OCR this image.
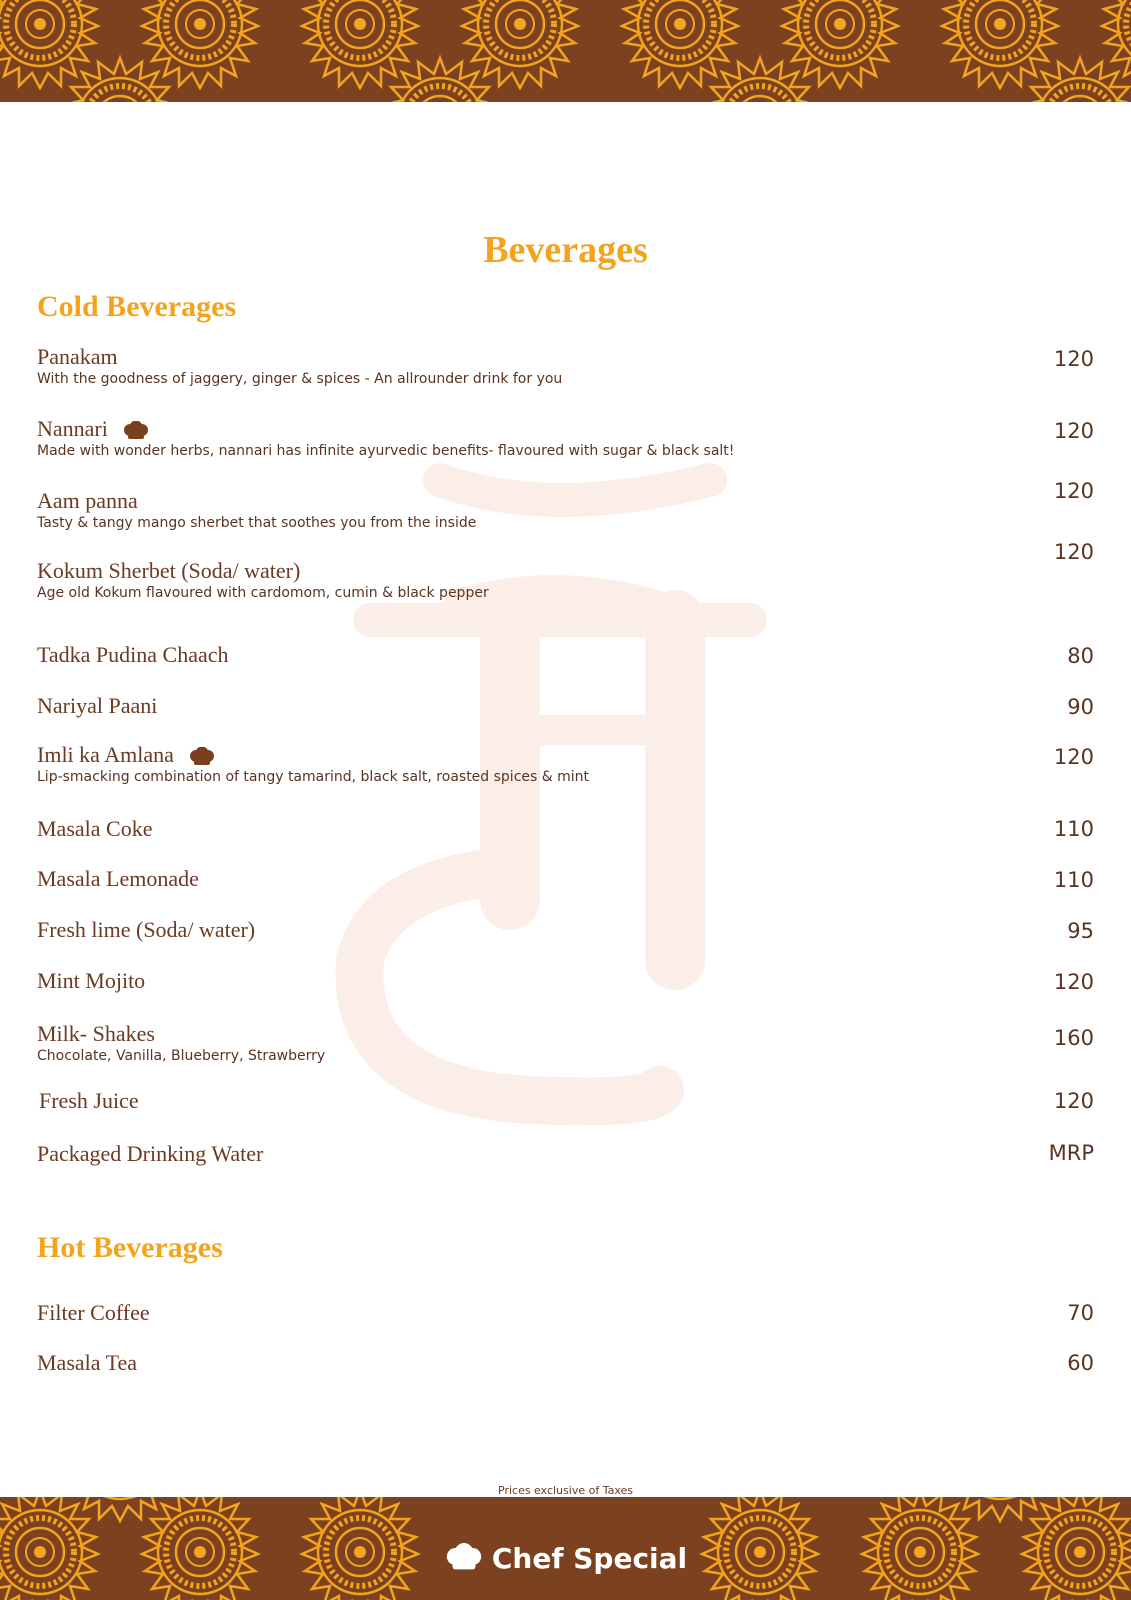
Beverages
Cold Beverages
Panakam
With the goodness of jaggery, ginger & spices - An allrounder drink for you
120
Nannari
Made with wonder herbs, nannari has infinite ayurvedic benefits- flavoured with sugar & black salt!
120
Aam panna
Tasty & tangy mango sherbet that soothes you from the inside
120
Kokum Sherbet (Soda/ water)
Age old Kokum flavoured with cardomom, cumin & black pepper
120
Tadka Pudina Chaach	80
Nariyal Paani	90
Imli ka Amlana
Lip-smacking combination of tangy tamarind, black salt, roasted spices & mint
120
Masala Coke	110
Masala Lemonade	110
Fresh lime (Soda/ water)	95
Mint Mojito	120
Milk- Shakes
Chocolate, Vanilla, Blueberry, Strawberry
160
Fresh Juice	120
Packaged Drinking Water	MRP
Hot Beverages
Filter Coffee	70
Masala Tea	60

Prices exclusive of Taxes

Chef Special
